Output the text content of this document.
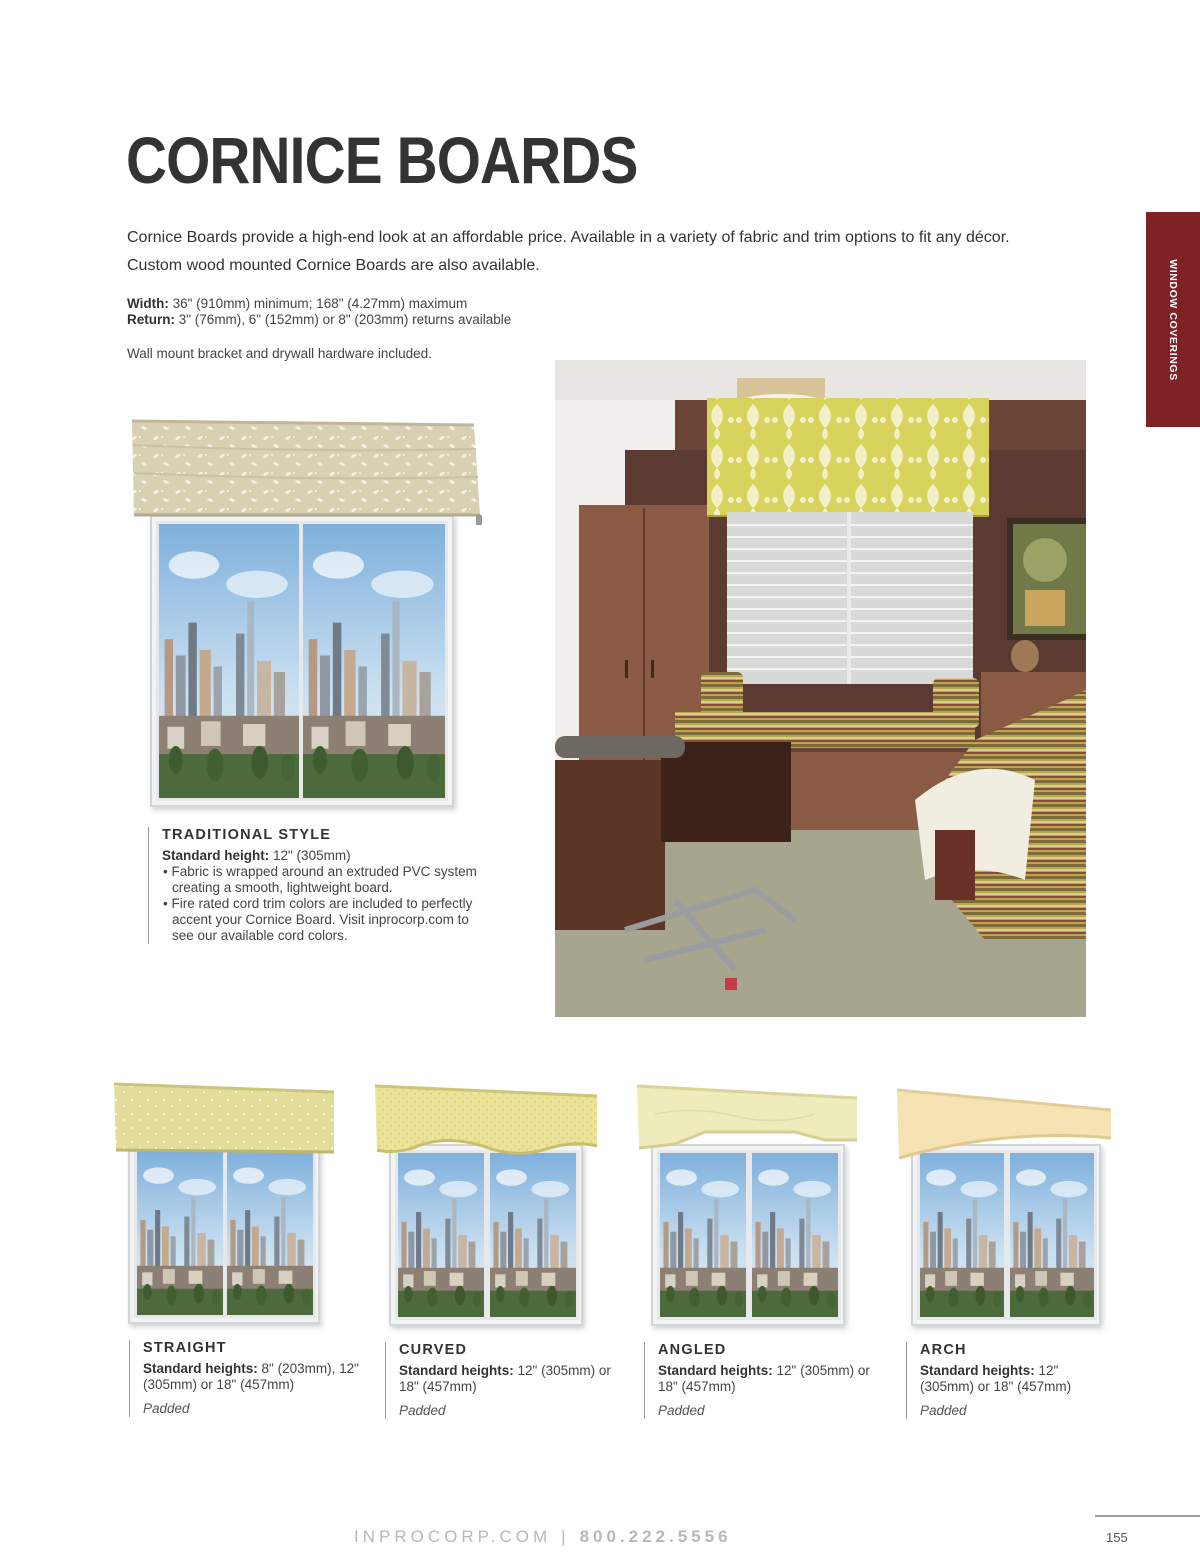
CORNICE BOARDS
Cornice Boards provide a high-end look at an affordable price. Available in a variety of fabric and trim options to fit any décor.
Custom wood mounted Cornice Boards are also available.
Width: 36" (910mm) minimum; 168" (4.27mm) maximum
Return: 3" (76mm), 6" (152mm) or 8" (203mm) returns available
Wall mount bracket and drywall hardware included.	WINDOW COVERINGS
TRADITIONAL STYLE
Standard height: 12" (305mm)
• Fabric is wrapped around an extruded PVC system creating a smooth, lightweight board.
• Fire rated cord trim colors are included to perfectly accent your Cornice Board. Visit inprocorp.com to see our available cord colors.
STRAIGHT
Standard heights: 8" (203mm), 12" (305mm) or 18" (457mm)
Padded
CURVED
Standard heights: 12" (305mm) or 18" (457mm)
Padded
ANGLED
Standard heights: 12" (305mm) or 18" (457mm)
Padded
ARCH
Standard heights: 12" (305mm) or 18" (457mm)
Padded
INPROCORP.COM | 800.222.5556	155
